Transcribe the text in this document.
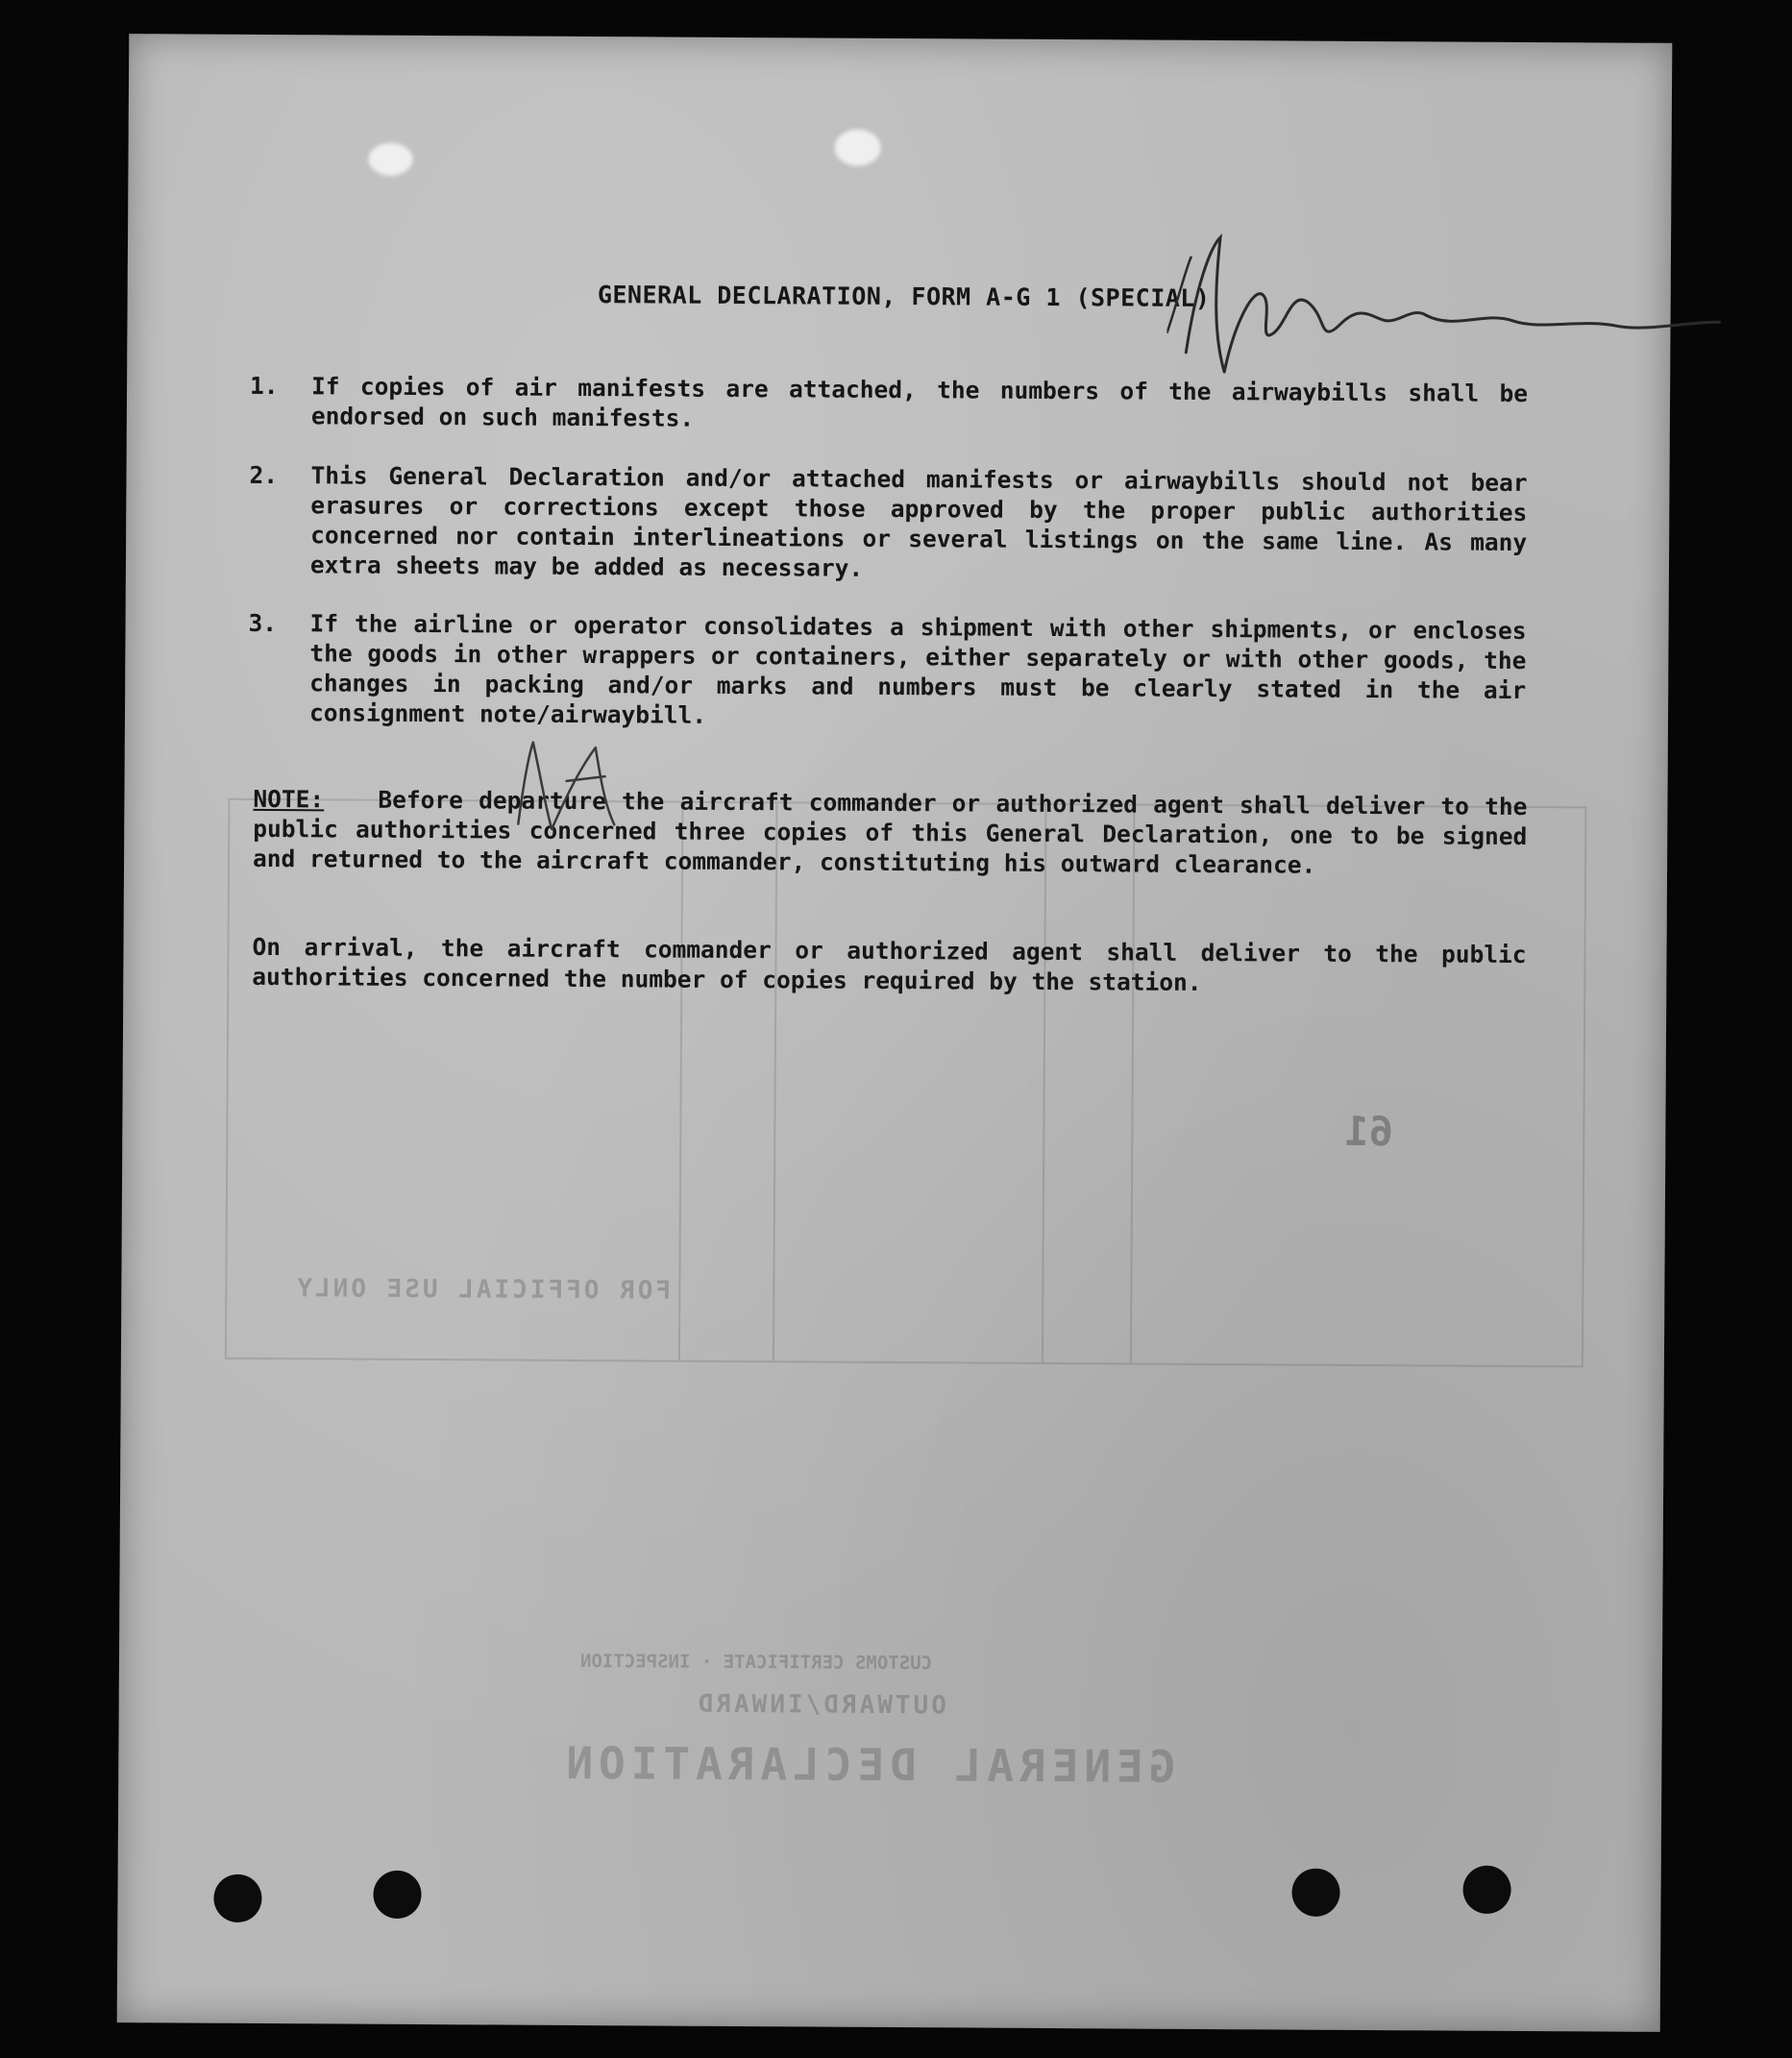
GENERAL DECLARATION
OUTWARD/INWARD
CUSTOMS CERTIFICATE · INSPECTION
FOR OFFICIAL USE ONLY
61
GENERAL DECLARATION, FORM A-G 1 (SPECIAL)
1.	If copies of air manifests are attached, the numbers of the airwaybills shall be endorsed on such manifests.
2.	This General Declaration and/or attached manifests or airwaybills should not bear erasures or corrections except those approved by the proper public authorities concerned nor contain interlineations or several listings on the same line. As many extra sheets may be added as necessary.
3.	If the airline or operator consolidates a shipment with other shipments, or encloses the goods in other wrappers or containers, either separately or with other goods, the changes in packing and/or marks and numbers must be clearly stated in the air consignment note/airwaybill.
NOTE: Before departure the aircraft commander or authorized agent shall deliver to the public authorities concerned three copies of this General Declaration, one to be signed and returned to the aircraft commander, constituting his outward clearance.
On arrival, the aircraft commander or authorized agent shall deliver to the public authorities concerned the number of copies required by the station.
